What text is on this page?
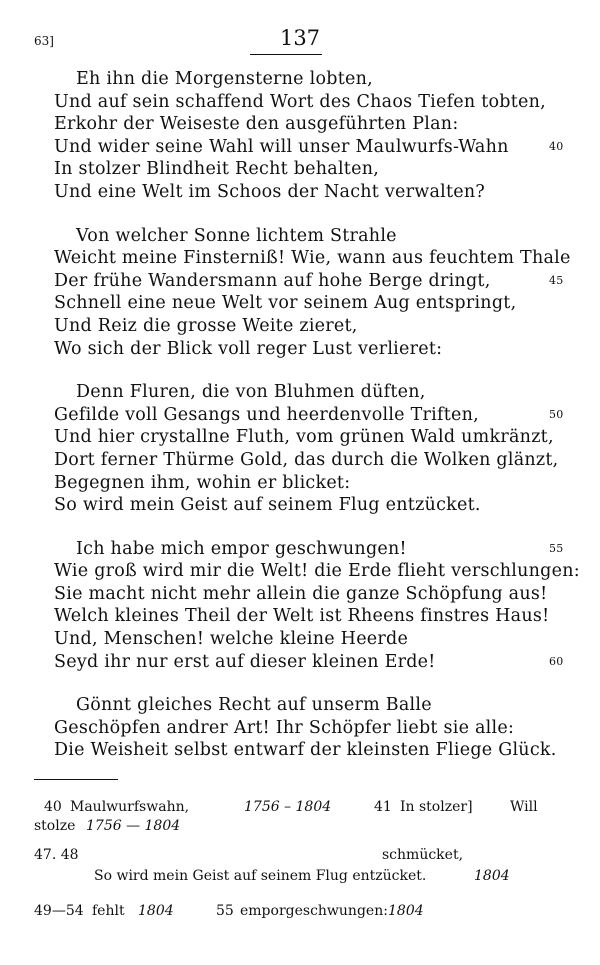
63]	137
Eh ihn die Morgensterne lobten,
Und auf sein schaffend Wort des Chaos Tiefen tobten,
Erkohr der Weiseste den ausgeführten Plan:
Und wider seine Wahl will unser Maulwurfs-Wahn	40
In stolzer Blindheit Recht behalten,
Und eine Welt im Schoos der Nacht verwalten?
Von welcher Sonne lichtem Strahle
Weicht meine Finsterniß! Wie, wann aus feuchtem Thale
Der frühe Wandersmann auf hohe Berge dringt,	45
Schnell eine neue Welt vor seinem Aug entspringt,
Und Reiz die grosse Weite zieret,
Wo sich der Blick voll reger Lust verlieret:
Denn Fluren, die von Bluhmen düften,
Gefilde voll Gesangs und heerdenvolle Triften,	50
Und hier crystallne Fluth, vom grünen Wald umkränzt,
Dort ferner Thürme Gold, das durch die Wolken glänzt,
Begegnen ihm, wohin er blicket:
So wird mein Geist auf seinem Flug entzücket.
Ich habe mich empor geschwungen!	55
Wie groß wird mir die Welt! die Erde flieht verschlungen:
Sie macht nicht mehr allein die ganze Schöpfung aus!
Welch kleines Theil der Welt ist Rheens finstres Haus!
Und, Menschen! welche kleine Heerde
Seyd ihr nur erst auf dieser kleinen Erde!	60
Gönnt gleiches Recht auf unserm Balle
Geschöpfen andrer Art! Ihr Schöpfer liebt sie alle:
Die Weisheit selbst entwarf der kleinsten Fliege Glück.
40 Maulwurfswahn,	1756 – 1804	41 In stolzer]	Will
stolze 1756 — 1804
47. 48	schmücket,
So wird mein Geist auf seinem Flug entzücket.	1804
49—54 fehlt 1804	55 emporgeschwungen: 1804
